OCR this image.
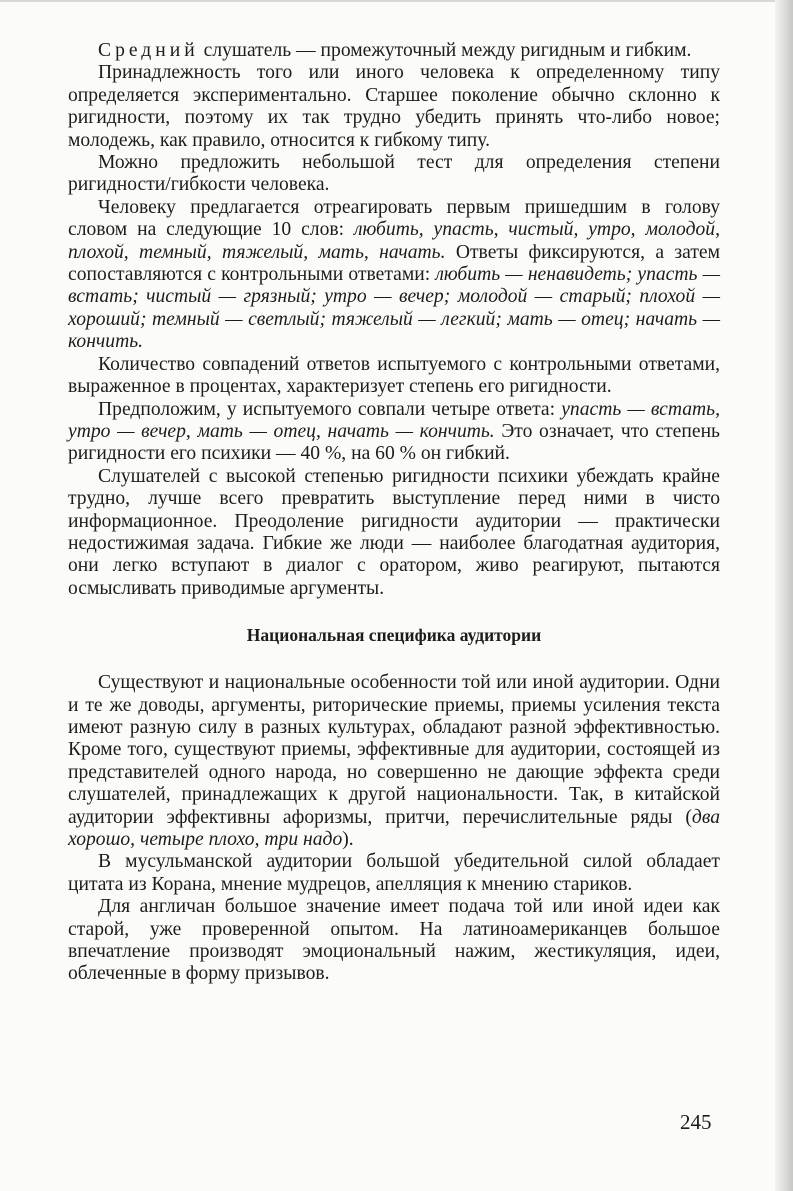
Средний слушатель — промежуточный между ригидным и гибким.

Принадлежность того или иного человека к определенному типу определяется экспериментально. Старшее поколение обычно склонно к ригидности, поэтому их так трудно убедить принять что-либо новое; молодежь, как правило, относится к гибкому типу.

Можно предложить небольшой тест для определения степени ригидности/гибкости человека.

Человеку предлагается отреагировать первым пришедшим в голову словом на следующие 10 слов: любить, упасть, чистый, утро, молодой, плохой, темный, тяжелый, мать, начать. Ответы фиксируются, а затем сопоставляются с контрольными ответами: любить — ненавидеть; упасть — встать; чистый — грязный; утро — вечер; молодой — старый; плохой — хороший; темный — светлый; тяжелый — легкий; мать — отец; начать — кончить.

Количество совпадений ответов испытуемого с контрольными ответами, выраженное в процентах, характеризует степень его ригидности.

Предположим, у испытуемого совпали четыре ответа: упасть — встать, утро — вечер, мать — отец, начать — кончить. Это означает, что степень ригидности его психики — 40 %, на 60 % он гибкий.

Слушателей с высокой степенью ригидности психики убеждать крайне трудно, лучше всего превратить выступление перед ними в чисто информационное. Преодоление ригидности аудитории — практически недостижимая задача. Гибкие же люди — наиболее благодатная аудитория, они легко вступают в диалог с оратором, живо реагируют, пытаются осмысливать приводимые аргументы.

Национальная специфика аудитории

Существуют и национальные особенности той или иной аудитории. Одни и те же доводы, аргументы, риторические приемы, приемы усиления текста имеют разную силу в разных культурах, обладают разной эффективностью. Кроме того, существуют приемы, эффективные для аудитории, состоящей из представителей одного народа, но совершенно не дающие эффекта среди слушателей, принадлежащих к другой национальности. Так, в китайской аудитории эффективны афоризмы, притчи, перечислительные ряды (два хорошо, четыре плохо, три надо).

В мусульманской аудитории большой убедительной силой обладает цитата из Корана, мнение мудрецов, апелляция к мнению стариков.

Для англичан большое значение имеет подача той или иной идеи как старой, уже проверенной опытом. На латиноамериканцев большое впечатление производят эмоциональный нажим, жестикуляция, идеи, облеченные в форму призывов.

245
